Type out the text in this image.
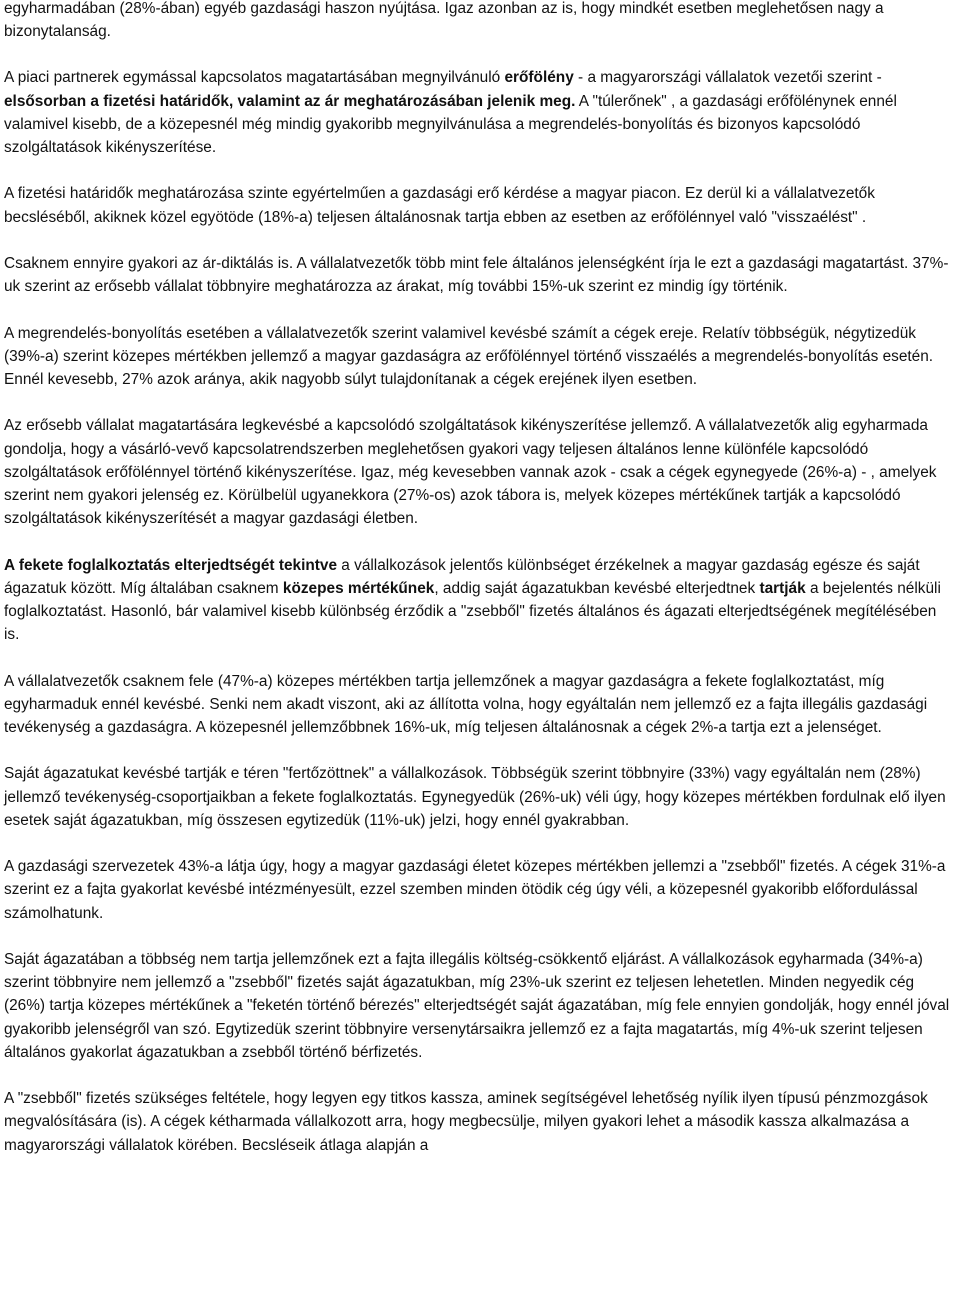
egyharmadában (28%-ában) egyéb gazdasági haszon nyújtása. Igaz azonban az is, hogy mindkét esetben meglehetősen nagy a bizonytalanság.

A piaci partnerek egymással kapcsolatos magatartásában megnyilvánuló erőfölény - a magyarországi vállalatok vezetői szerint - elsősorban a fizetési határidők, valamint az ár meghatározásában jelenik meg. A "túlerőnek" , a gazdasági erőfölénynek ennél valamivel kisebb, de a közepesnél még mindig gyakoribb megnyilvánulása a megrendelés-bonyolítás és bizonyos kapcsolódó szolgáltatások kikényszerítése.

A fizetési határidők meghatározása szinte egyértelműen a gazdasági erő kérdése a magyar piacon. Ez derül ki a vállalatvezetők becsléséből, akiknek közel egyötöde (18%-a) teljesen általánosnak tartja ebben az esetben az erőfölénnyel való "visszaélést" .

Csaknem ennyire gyakori az ár-diktálás is. A vállalatvezetők több mint fele általános jelenségként írja le ezt a gazdasági magatartást. 37%-uk szerint az erősebb vállalat többnyire meghatározza az árakat, míg további 15%-uk szerint ez mindig így történik.

A megrendelés-bonyolítás esetében a vállalatvezetők szerint valamivel kevésbé számít a cégek ereje. Relatív többségük, négytizedük (39%-a) szerint közepes mértékben jellemző a magyar gazdaságra az erőfölénnyel történő visszaélés a megrendelés-bonyolítás esetén. Ennél kevesebb, 27% azok aránya, akik nagyobb súlyt tulajdonítanak a cégek erejének ilyen esetben.

Az erősebb vállalat magatartására legkevésbé a kapcsolódó szolgáltatások kikényszerítése jellemző. A vállalatvezetők alig egyharmada gondolja, hogy a vásárló-vevő kapcsolatrendszerben meglehetősen gyakori vagy teljesen általános lenne különféle kapcsolódó szolgáltatások erőfölénnyel történő kikényszerítése. Igaz, még kevesebben vannak azok - csak a cégek egynegyede (26%-a) - , amelyek szerint nem gyakori jelenség ez. Körülbelül ugyanekkora (27%-os) azok tábora is, melyek közepes mértékűnek tartják a kapcsolódó szolgáltatások kikényszerítését a magyar gazdasági életben.

A fekete foglalkoztatás elterjedtségét tekintve a vállalkozások jelentős különbséget érzékelnek a magyar gazdaság egésze és saját ágazatuk között. Míg általában csaknem közepes mértékűnek, addig saját ágazatukban kevésbé elterjedtnek tartják a bejelentés nélküli foglalkoztatást. Hasonló, bár valamivel kisebb különbség érződik a "zsebből" fizetés általános és ágazati elterjedtségének megítélésében is.

A vállalatvezetők csaknem fele (47%-a) közepes mértékben tartja jellemzőnek a magyar gazdaságra a fekete foglalkoztatást, míg egyharmaduk ennél kevésbé. Senki nem akadt viszont, aki az állította volna, hogy egyáltalán nem jellemző ez a fajta illegális gazdasági tevékenység a gazdaságra. A közepesnél jellemzőbbnek 16%-uk, míg teljesen általánosnak a cégek 2%-a tartja ezt a jelenséget.

Saját ágazatukat kevésbé tartják e téren "fertőzöttnek" a vállalkozások. Többségük szerint többnyire (33%) vagy egyáltalán nem (28%) jellemző tevékenység-csoportjaikban a fekete foglalkoztatás. Egynegyedük (26%-uk) véli úgy, hogy közepes mértékben fordulnak elő ilyen esetek saját ágazatukban, míg összesen egytizedük (11%-uk) jelzi, hogy ennél gyakrabban.

A gazdasági szervezetek 43%-a látja úgy, hogy a magyar gazdasági életet közepes mértékben jellemzi a "zsebből" fizetés. A cégek 31%-a szerint ez a fajta gyakorlat kevésbé intézményesült, ezzel szemben minden ötödik cég úgy véli, a közepesnél gyakoribb előfordulással számolhatunk.

Saját ágazatában a többség nem tartja jellemzőnek ezt a fajta illegális költség-csökkentő eljárást. A vállalkozások egyharmada (34%-a) szerint többnyire nem jellemző a "zsebből" fizetés saját ágazatukban, míg 23%-uk szerint ez teljesen lehetetlen. Minden negyedik cég (26%) tartja közepes mértékűnek a "feketén történő bérezés" elterjedtségét saját ágazatában, míg fele ennyien gondolják, hogy ennél jóval gyakoribb jelenségről van szó. Egytizedük szerint többnyire versenytársaikra jellemző ez a fajta magatartás, míg 4%-uk szerint teljesen általános gyakorlat ágazatukban a zsebből történő bérfizetés.

A "zsebből" fizetés szükséges feltétele, hogy legyen egy titkos kassza, aminek segítségével lehetőség nyílik ilyen típusú pénzmozgások megvalósítására (is). A cégek kétharmada vállalkozott arra, hogy megbecsülje, milyen gyakori lehet a második kassza alkalmazása a magyarországi vállalatok körében. Becsléseik átlaga alapján a
